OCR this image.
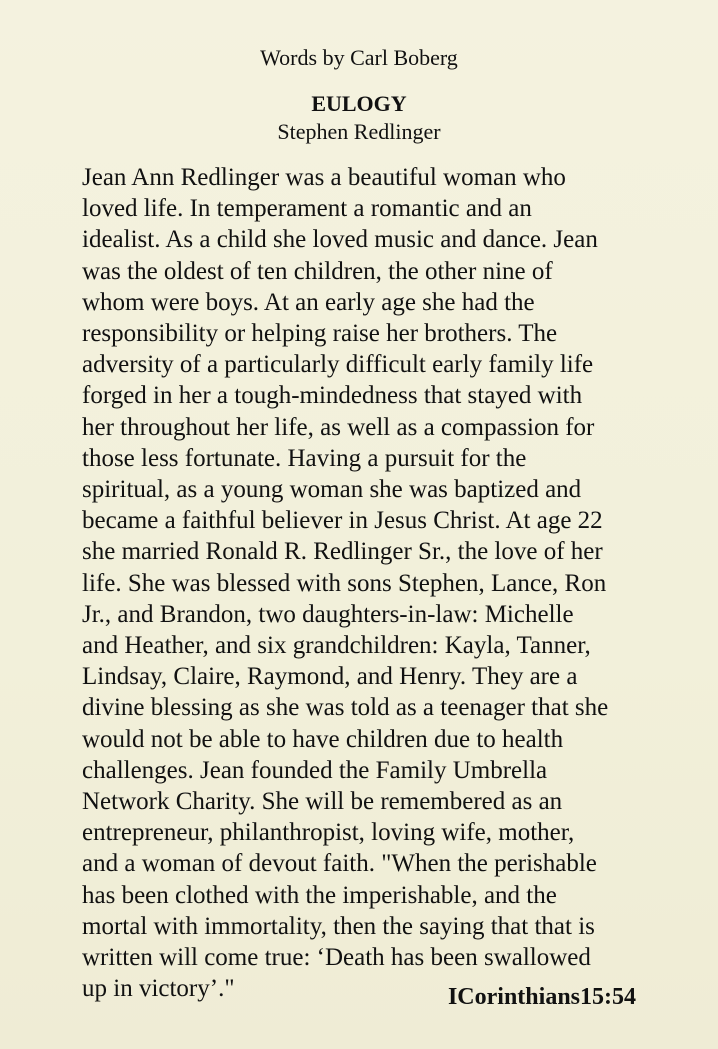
Words by Carl Boberg
EULOGY
Stephen Redlinger
Jean Ann Redlinger was a beautiful woman who
loved life. In temperament a romantic and an
idealist. As a child she loved music and dance. Jean
was the oldest of ten children, the other nine of
whom were boys. At an early age she had the
responsibility or helping raise her brothers. The
adversity of a particularly difficult early family life
forged in her a tough-mindedness that stayed with
her throughout her life, as well as a compassion for
those less fortunate. Having a pursuit for the
spiritual, as a young woman she was baptized and
became a faithful believer in Jesus Christ. At age 22
she married Ronald R. Redlinger Sr., the love of her
life. She was blessed with sons Stephen, Lance, Ron
Jr., and Brandon, two daughters-in-law: Michelle
and Heather, and six grandchildren: Kayla, Tanner,
Lindsay, Claire, Raymond, and Henry. They are a
divine blessing as she was told as a teenager that she
would not be able to have children due to health
challenges. Jean founded the Family Umbrella
Network Charity. She will be remembered as an
entrepreneur, philanthropist, loving wife, mother,
and a woman of devout faith. "When the perishable
has been clothed with the imperishable, and the
mortal with immortality, then the saying that that is
written will come true: ‘Death has been swallowed
up in victory’."	ICorinthians15:54
